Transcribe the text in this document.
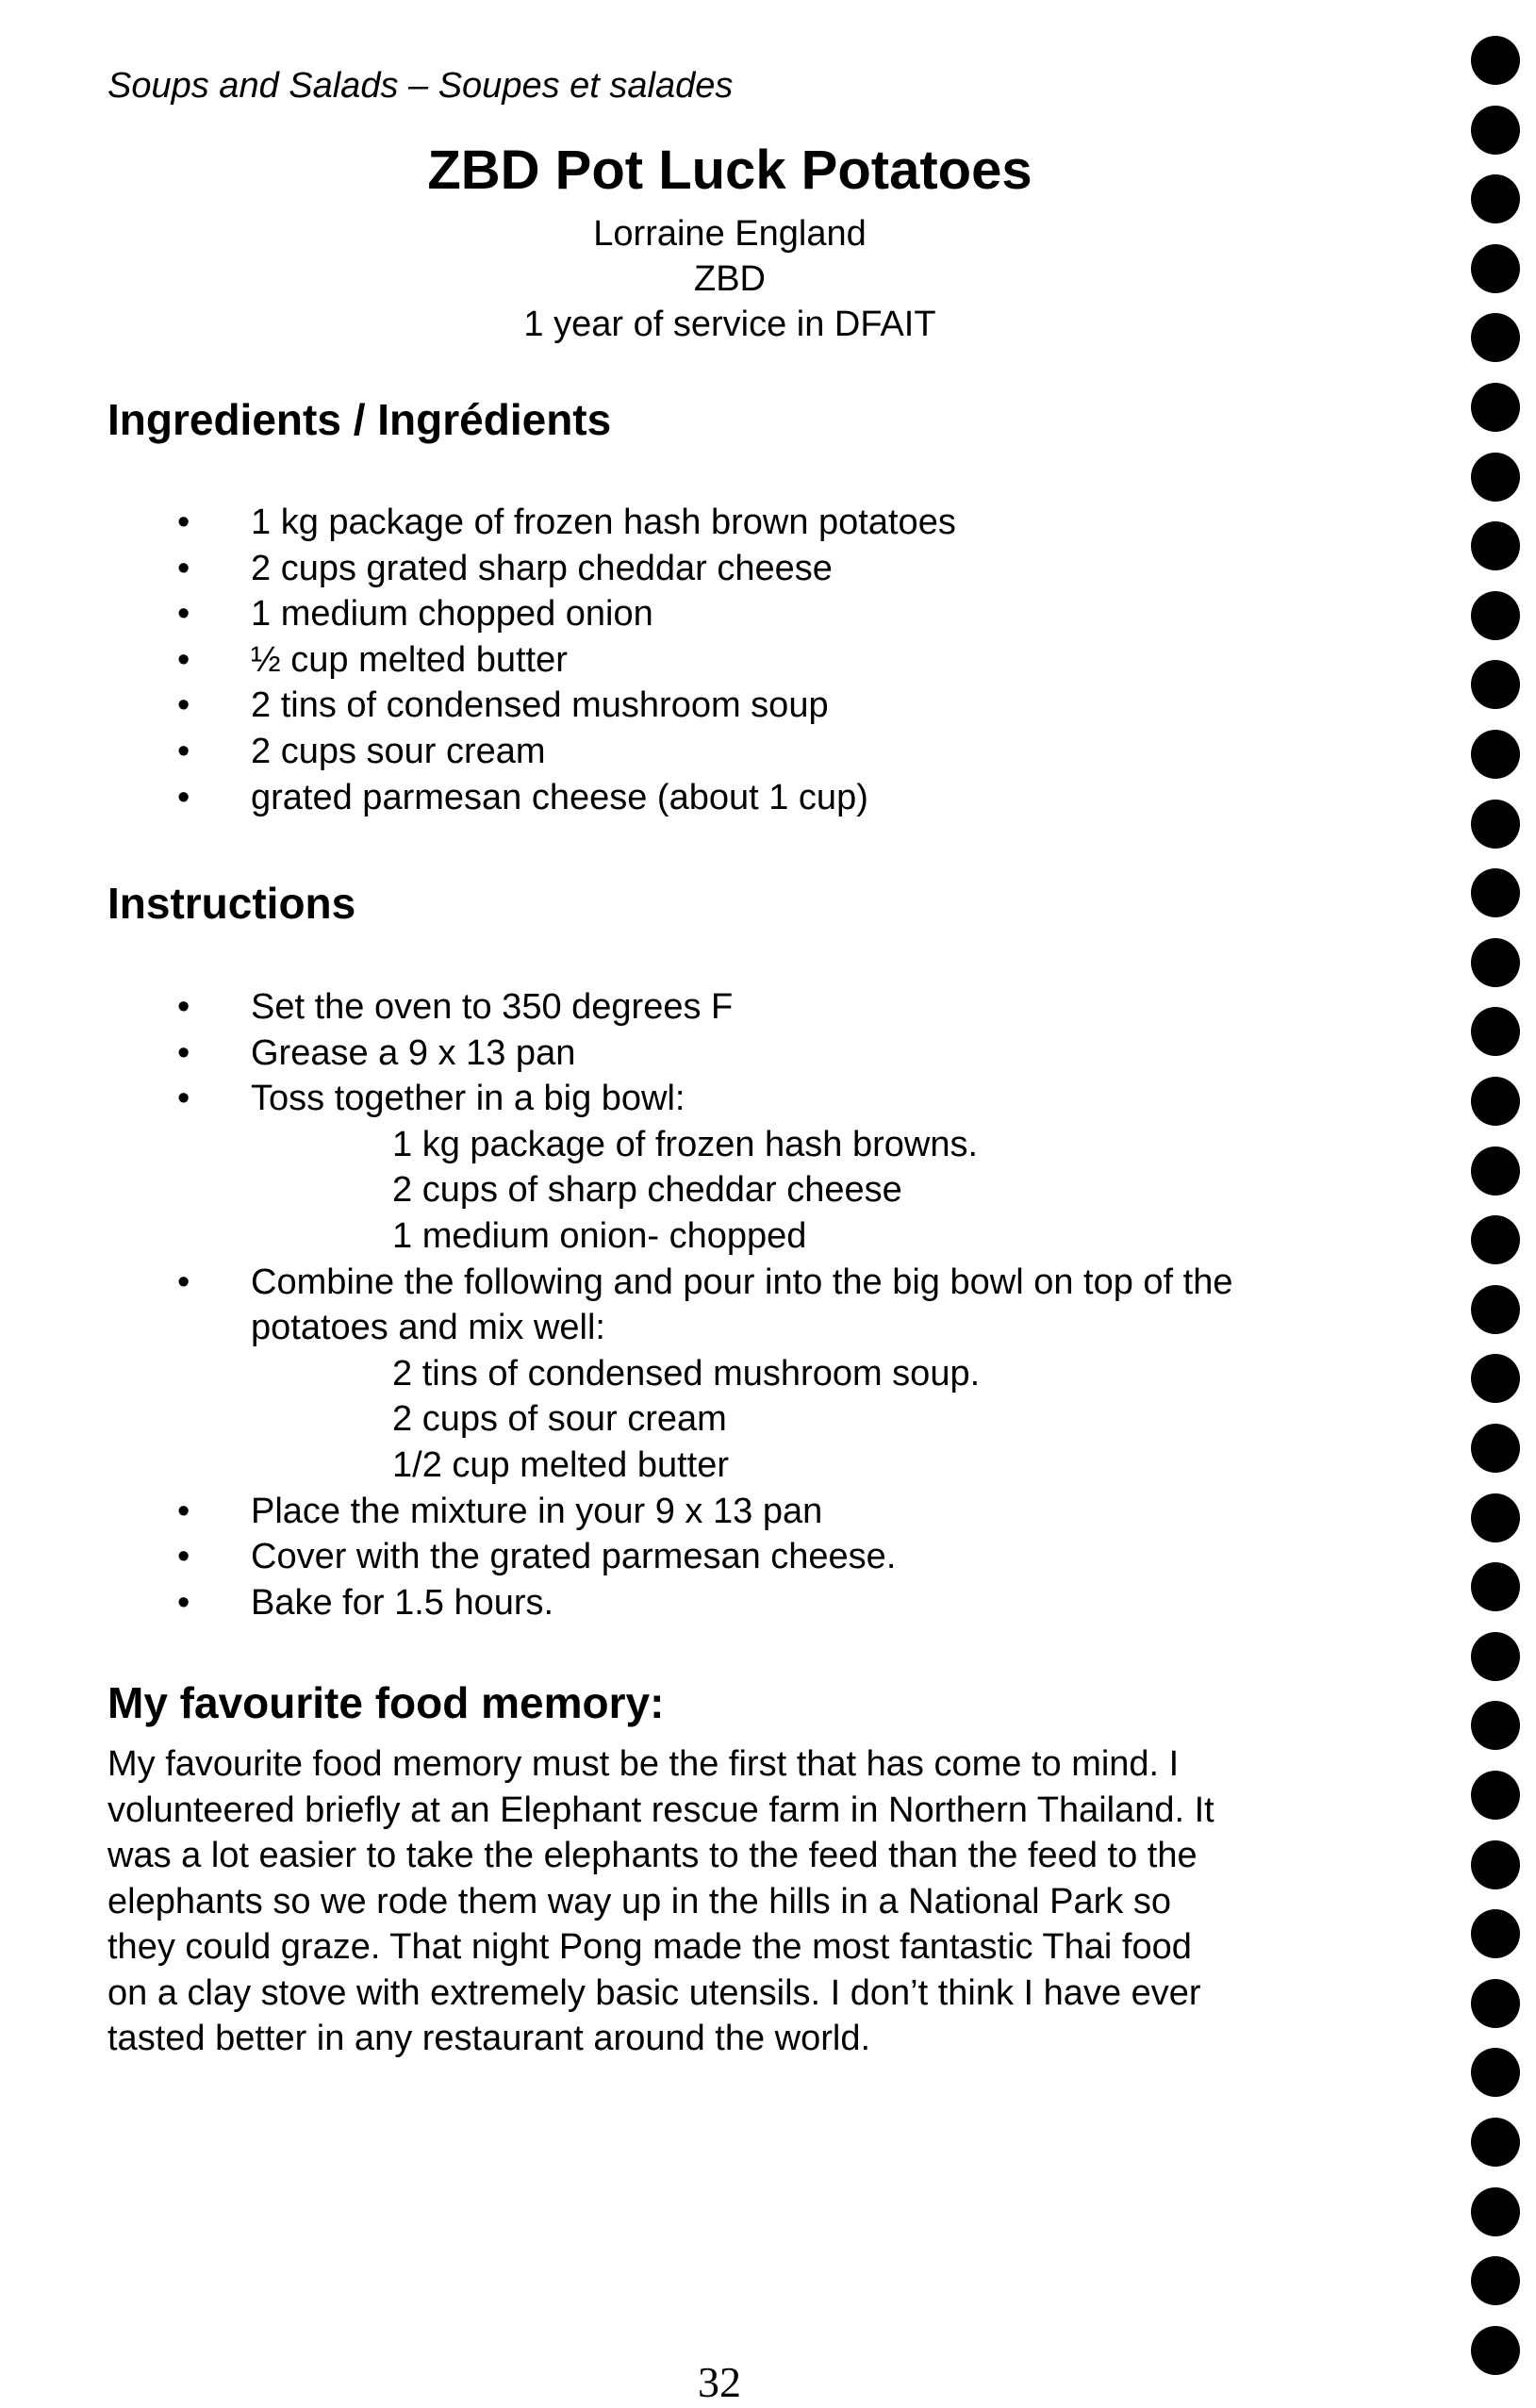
Soups and Salads – Soupes et salades

ZBD Pot Luck Potatoes

Lorraine England

ZBD

1 year of service in DFAIT

Ingredients / Ingrédients
•	1 kg package of frozen hash brown potatoes
•	2 cups grated sharp cheddar cheese
•	1 medium chopped onion
•	½ cup melted butter
•	2 tins of condensed mushroom soup
•	2 cups sour cream
•	grated parmesan cheese (about 1 cup)
Instructions
•	Set the oven to 350 degrees F
•	Grease a 9 x 13 pan
•	Toss together in a big bowl:
1 kg package of frozen hash browns.
2 cups of sharp cheddar cheese
1 medium onion- chopped
•	Combine the following and pour into the big bowl on top of the
potatoes and mix well:
2 tins of condensed mushroom soup.
2 cups of sour cream
1/2 cup melted butter
•	Place the mixture in your 9 x 13 pan
•	Cover with the grated parmesan cheese.
•	Bake for 1.5 hours.
My favourite food memory:
My favourite food memory must be the first that has come to mind. I
volunteered briefly at an Elephant rescue farm in Northern Thailand. It
was a lot easier to take the elephants to the feed than the feed to the
elephants so we rode them way up in the hills in a National Park so
they could graze. That night Pong made the most fantastic Thai food
on a clay stove with extremely basic utensils. I don’t think I have ever
tasted better in any restaurant around the world.
32
